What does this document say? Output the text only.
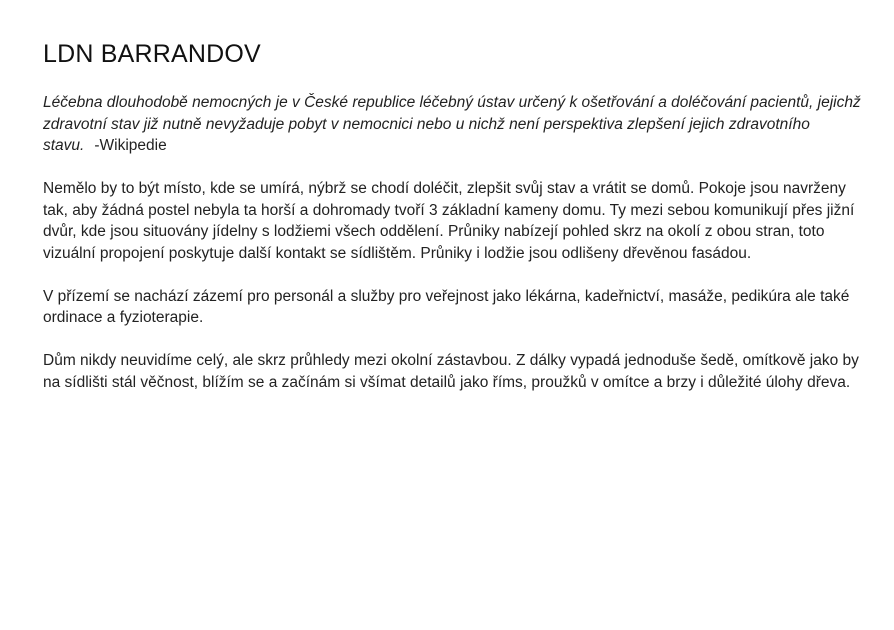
LDN BARRANDOV

Léčebna dlouhodobě nemocných je v České republice léčebný ústav určený k ošetřování a doléčování pacientů, jejichž zdravotní stav již nutně nevyžaduje pobyt v nemocnici nebo u nichž není perspektiva zlepšení jejich zdravotního stavu. -Wikipedie

Nemělo by to být místo, kde se umírá, nýbrž se chodí doléčit, zlepšit svůj stav a vrátit se domů. Pokoje jsou navrženy tak, aby žádná postel nebyla ta horší a dohromady tvoří 3 základní kameny domu. Ty mezi sebou komunikují přes jižní dvůr, kde jsou situovány jídelny s lodžiemi všech oddělení. Průniky nabízejí pohled skrz na okolí z obou stran, toto vizuální propojení poskytuje další kontakt se sídlištěm. Průniky i lodžie jsou odlišeny dřevěnou fasádou.

V přízemí se nachází zázemí pro personál a služby pro veřejnost jako lékárna, kadeřnictví, masáže, pedikúra ale také ordinace a fyzioterapie.

Dům nikdy neuvidíme celý, ale skrz průhledy mezi okolní zástavbou. Z dálky vypadá jednoduše šedě, omítkově jako by na sídlišti stál věčnost, blížím se a začínám si všímat detailů jako říms, proužků v omítce a brzy i důležité úlohy dřeva.
